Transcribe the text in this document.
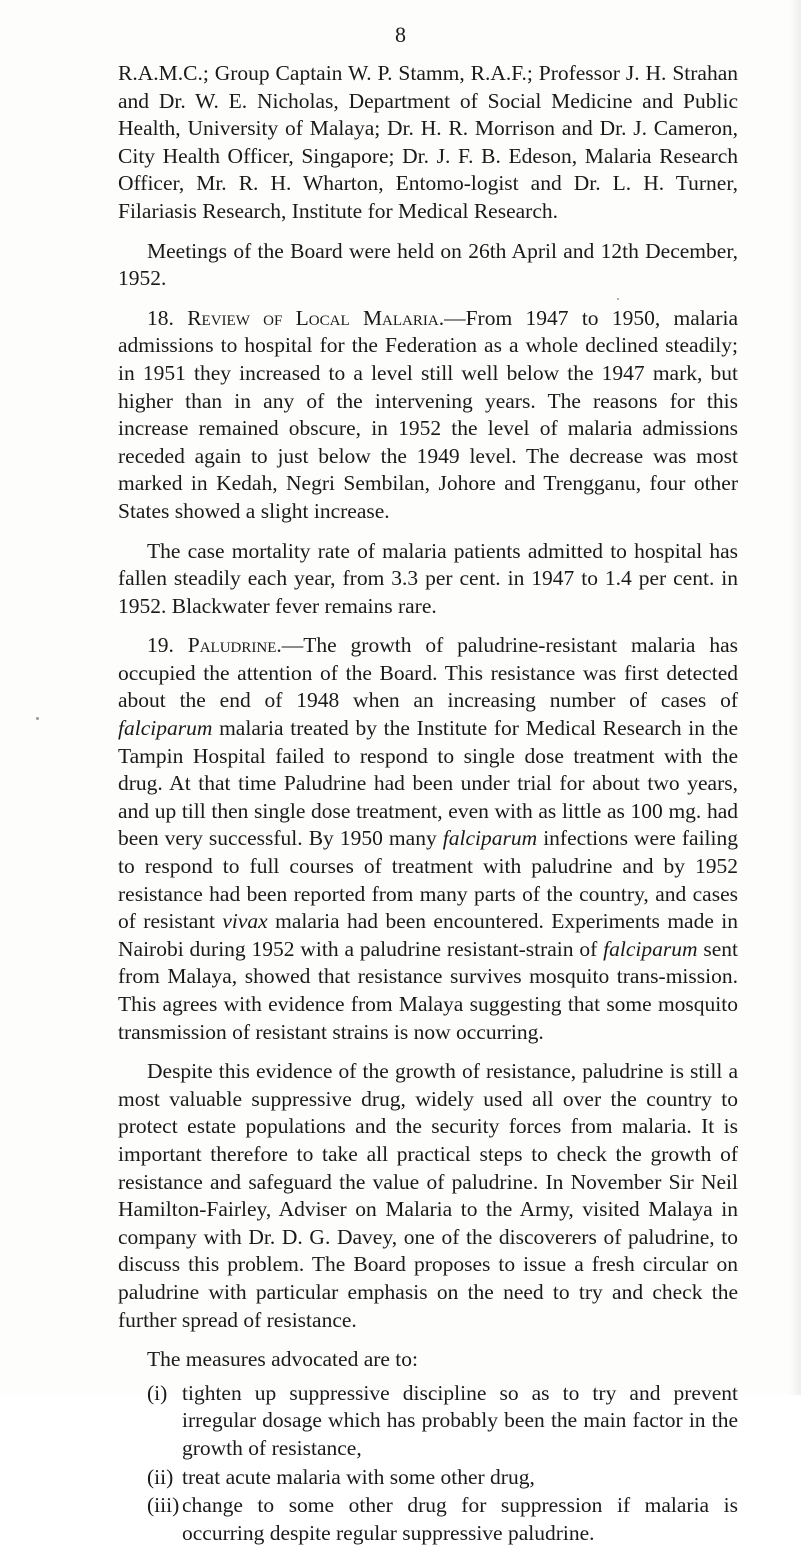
8

R.A.M.C.; Group Captain W. P. Stamm, R.A.F.; Professor J. H. Strahan and Dr. W. E. Nicholas, Department of Social Medicine and Public Health, University of Malaya; Dr. H. R. Morrison and Dr. J. Cameron, City Health Officer, Singapore; Dr. J. F. B. Edeson, Malaria Research Officer, Mr. R. H. Wharton, Entomo-logist and Dr. L. H. Turner, Filariasis Research, Institute for Medical Research.

Meetings of the Board were held on 26th April and 12th December, 1952.

18. Review of Local Malaria.—From 1947 to 1950, malaria admissions to hospital for the Federation as a whole declined steadily; in 1951 they increased to a level still well below the 1947 mark, but higher than in any of the intervening years. The reasons for this increase remained obscure, in 1952 the level of malaria admissions receded again to just below the 1949 level. The decrease was most marked in Kedah, Negri Sembilan, Johore and Trengganu, four other States showed a slight increase.

The case mortality rate of malaria patients admitted to hospital has fallen steadily each year, from 3.3 per cent. in 1947 to 1.4 per cent. in 1952. Blackwater fever remains rare.

19. Paludrine.—The growth of paludrine-resistant malaria has occupied the attention of the Board. This resistance was first detected about the end of 1948 when an increasing number of cases of falciparum malaria treated by the Institute for Medical Research in the Tampin Hospital failed to respond to single dose treatment with the drug. At that time Paludrine had been under trial for about two years, and up till then single dose treatment, even with as little as 100 mg. had been very successful. By 1950 many falciparum infections were failing to respond to full courses of treatment with paludrine and by 1952 resistance had been reported from many parts of the country, and cases of resistant vivax malaria had been encountered. Experiments made in Nairobi during 1952 with a paludrine resistant-strain of falciparum sent from Malaya, showed that resistance survives mosquito trans-mission. This agrees with evidence from Malaya suggesting that some mosquito transmission of resistant strains is now occurring.

Despite this evidence of the growth of resistance, paludrine is still a most valuable suppressive drug, widely used all over the country to protect estate populations and the security forces from malaria. It is important therefore to take all practical steps to check the growth of resistance and safeguard the value of paludrine. In November Sir Neil Hamilton-Fairley, Adviser on Malaria to the Army, visited Malaya in company with Dr. D. G. Davey, one of the discoverers of paludrine, to discuss this problem. The Board proposes to issue a fresh circular on paludrine with particular emphasis on the need to try and check the further spread of resistance.

The measures advocated are to:

(i) tighten up suppressive discipline so as to try and prevent irregular dosage which has probably been the main factor in the growth of resistance,
(ii) treat acute malaria with some other drug,
(iii) change to some other drug for suppression if malaria is occurring despite regular suppressive paludrine.
